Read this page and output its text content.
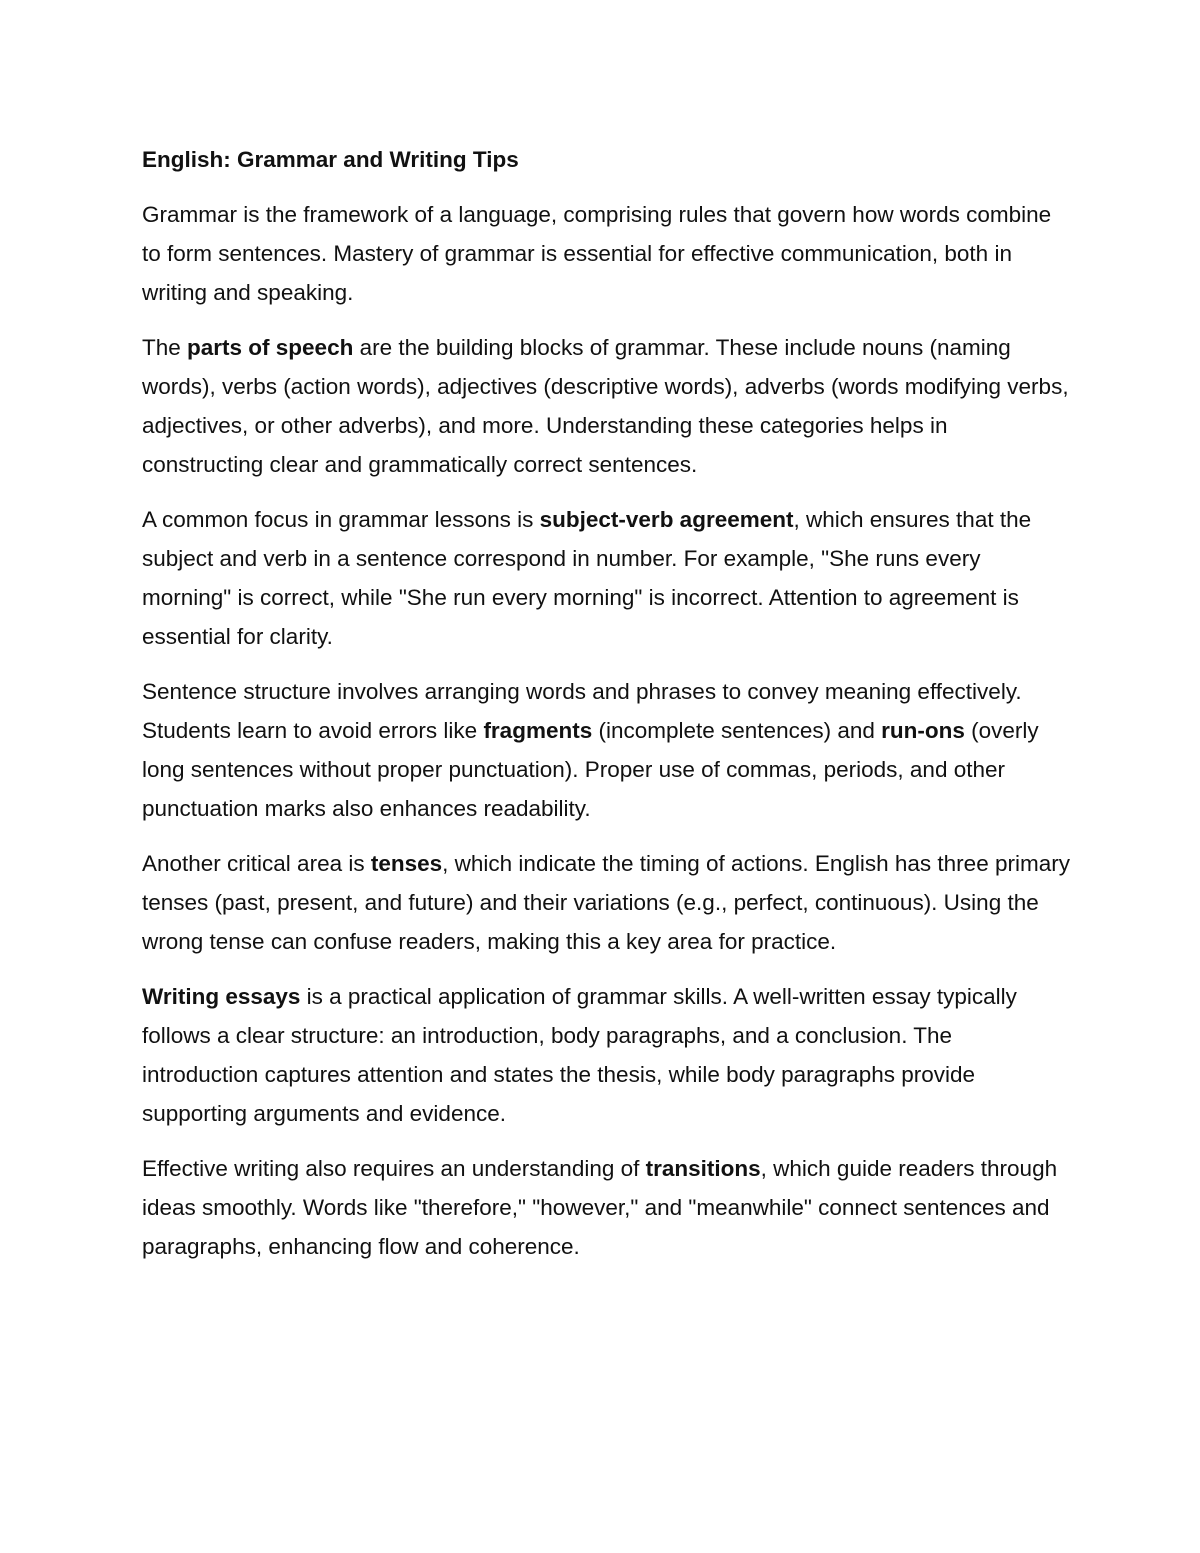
English: Grammar and Writing Tips

Grammar is the framework of a language, comprising rules that govern how words combine to form sentences. Mastery of grammar is essential for effective communication, both in writing and speaking.

The parts of speech are the building blocks of grammar. These include nouns (naming words), verbs (action words), adjectives (descriptive words), adverbs (words modifying verbs, adjectives, or other adverbs), and more. Understanding these categories helps in constructing clear and grammatically correct sentences.

A common focus in grammar lessons is subject-verb agreement, which ensures that the subject and verb in a sentence correspond in number. For example, "She runs every morning" is correct, while "She run every morning" is incorrect. Attention to agreement is essential for clarity.

Sentence structure involves arranging words and phrases to convey meaning effectively. Students learn to avoid errors like fragments (incomplete sentences) and run-ons (overly long sentences without proper punctuation). Proper use of commas, periods, and other punctuation marks also enhances readability.

Another critical area is tenses, which indicate the timing of actions. English has three primary tenses (past, present, and future) and their variations (e.g., perfect, continuous). Using the wrong tense can confuse readers, making this a key area for practice.

Writing essays is a practical application of grammar skills. A well-written essay typically follows a clear structure: an introduction, body paragraphs, and a conclusion. The introduction captures attention and states the thesis, while body paragraphs provide supporting arguments and evidence.

Effective writing also requires an understanding of transitions, which guide readers through ideas smoothly. Words like "therefore," "however," and "meanwhile" connect sentences and paragraphs, enhancing flow and coherence.
